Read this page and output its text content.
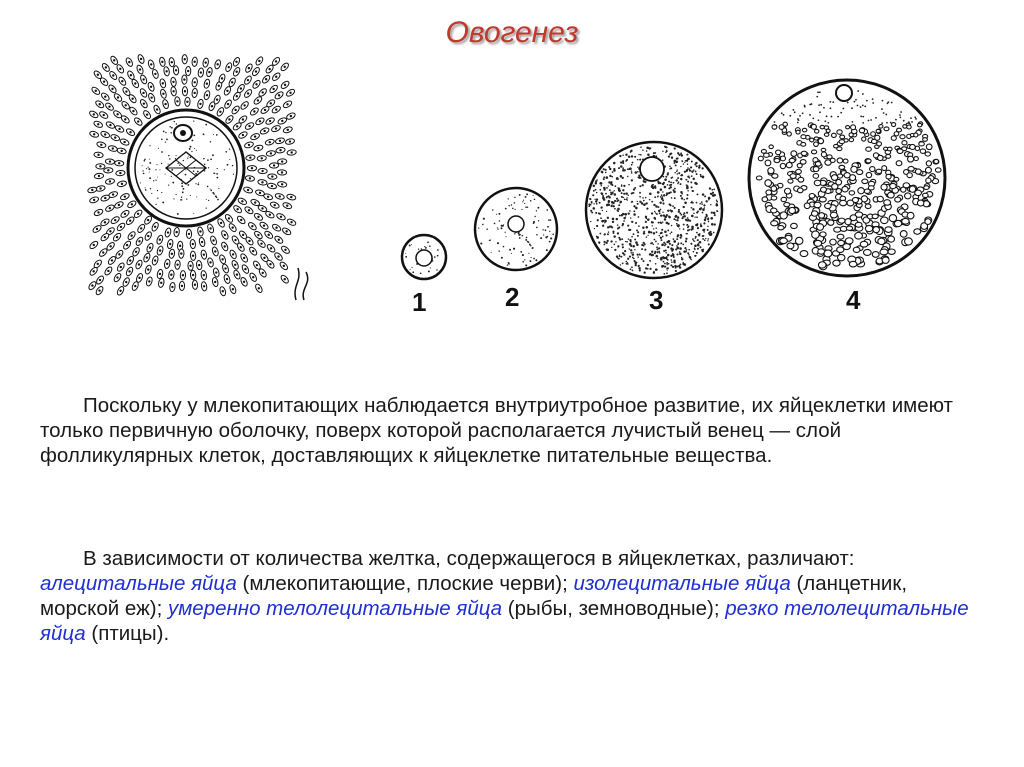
Овогенез
1	2	3	4
Поскольку у млекопитающих наблюдается внутриутробное развитие, их яйцеклетки имеют только первичную оболочку, поверх которой располагается лучистый венец — слой фолликулярных клеток, доставляющих к яйцеклетке питательные вещества.
В зависимости от количества желтка, содержащегося в яйцеклетках, различают: алецитальные яйца (млекопитающие, плоские черви); изолецитальные яйца (ланцетник, морской еж); умеренно телолецитальные яйца (рыбы, земноводные); резко телолецитальные яйца (птицы).
